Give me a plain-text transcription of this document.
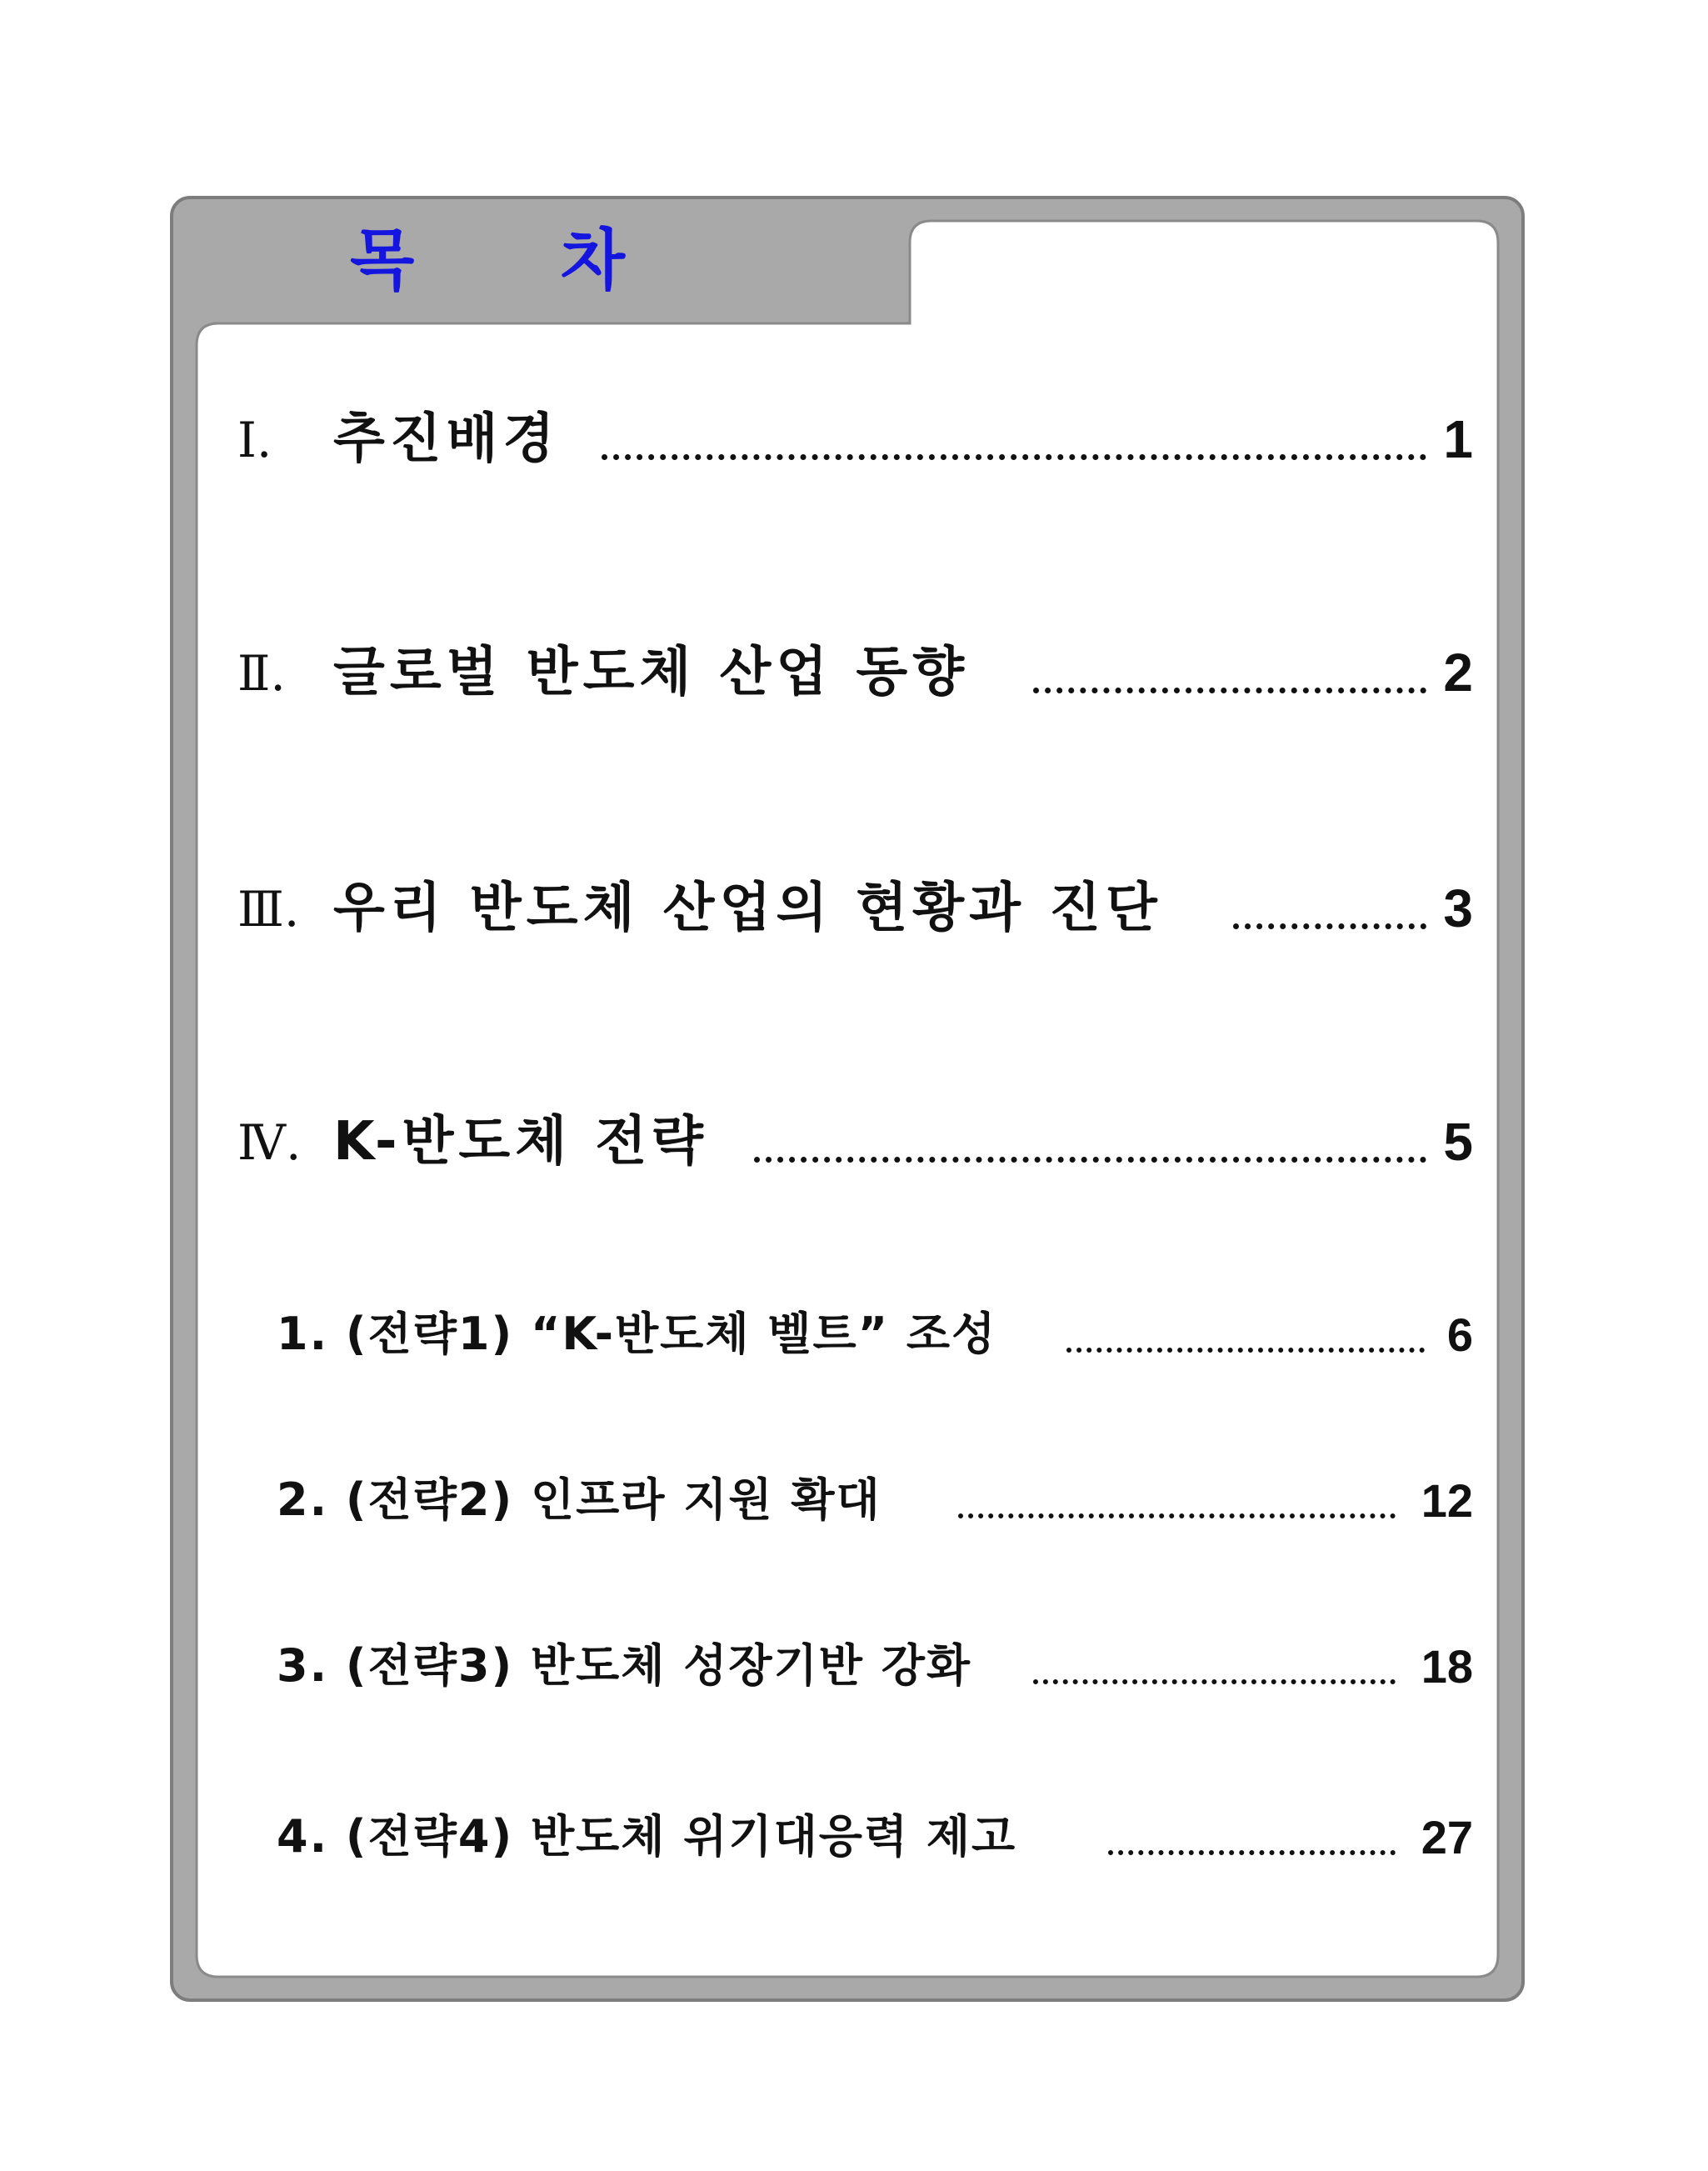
목 차
Ⅰ. 추진배경	1
Ⅱ. 글로벌 반도체 산업 동향	2
Ⅲ. 우리 반도체 산업의 현황과 진단	3
Ⅳ. K-반도체 전략	5
1. (전략1) “K-반도체 벨트” 조성	6
2. (전략2) 인프라 지원 확대	12
3. (전략3) 반도체 성장기반 강화	18
4. (전략4) 반도체 위기대응력 제고	27
